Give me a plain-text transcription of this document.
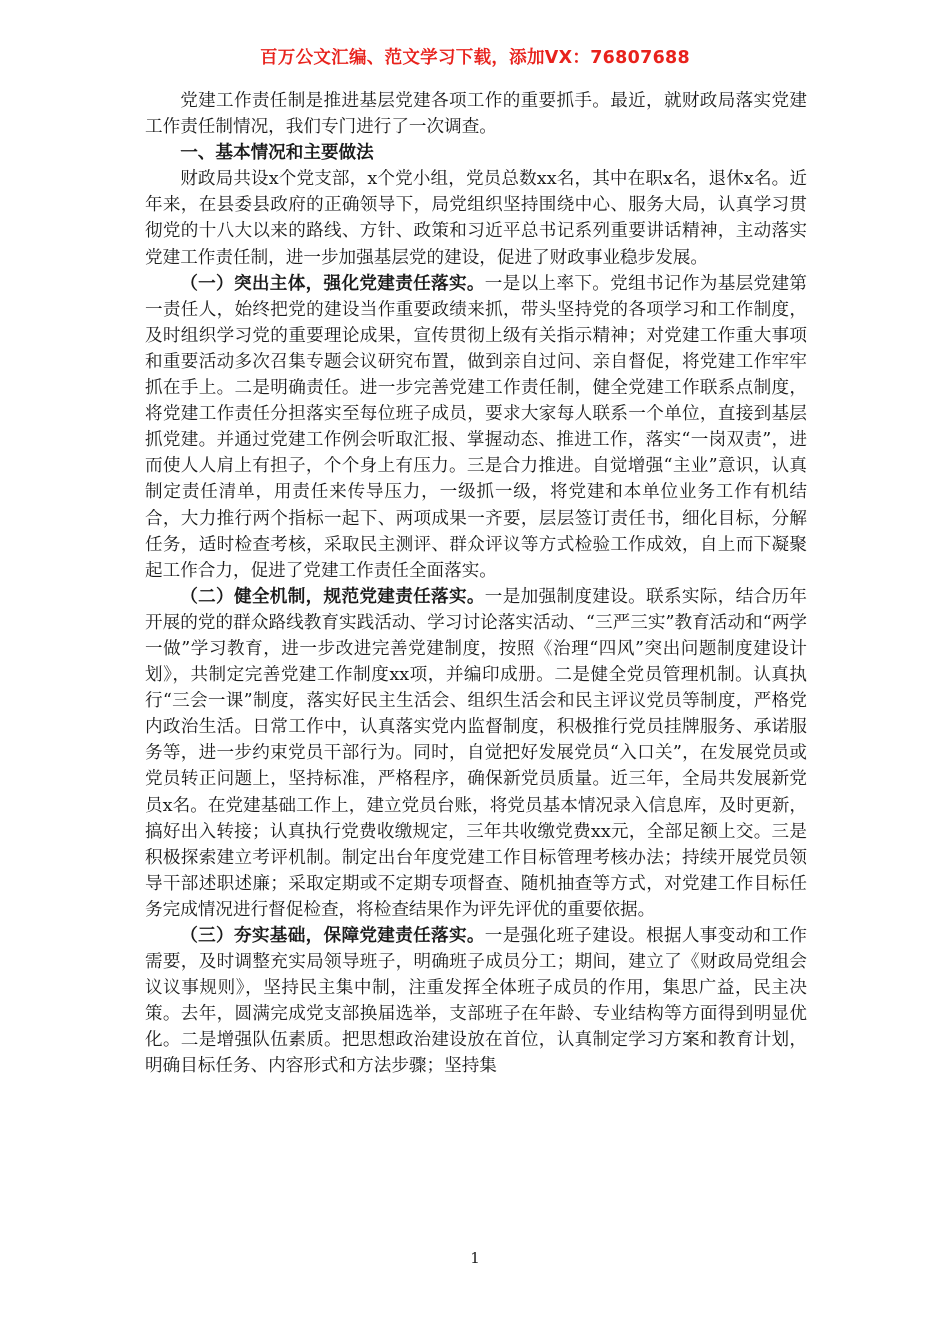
百万公文汇编、范文学习下载，添加VX：76807688

党建工作责任制是推进基层党建各项工作的重要抓手。最近，就财政局落实党建工作责任制情况，我们专门进行了一次调查。

一、基本情况和主要做法

财政局共设x个党支部，x个党小组，党员总数xx名，其中在职x名，退休x名。近年来，在县委县政府的正确领导下，局党组织坚持围绕中心、服务大局，认真学习贯彻党的十八大以来的路线、方针、政策和习近平总书记系列重要讲话精神，主动落实党建工作责任制，进一步加强基层党的建设，促进了财政事业稳步发展。

（一）突出主体，强化党建责任落实。一是以上率下。党组书记作为基层党建第一责任人，始终把党的建设当作重要政绩来抓，带头坚持党的各项学习和工作制度，及时组织学习党的重要理论成果，宣传贯彻上级有关指示精神；对党建工作重大事项和重要活动多次召集专题会议研究布置，做到亲自过问、亲自督促，将党建工作牢牢抓在手上。二是明确责任。进一步完善党建工作责任制，健全党建工作联系点制度，将党建工作责任分担落实至每位班子成员，要求大家每人联系一个单位，直接到基层抓党建。并通过党建工作例会听取汇报、掌握动态、推进工作，落实“一岗双责”，进而使人人肩上有担子，个个身上有压力。三是合力推进。自觉增强“主业”意识，认真制定责任清单，用责任来传导压力，一级抓一级，将党建和本单位业务工作有机结合，大力推行两个指标一起下、两项成果一齐要，层层签订责任书，细化目标，分解任务，适时检查考核，采取民主测评、群众评议等方式检验工作成效，自上而下凝聚起工作合力，促进了党建工作责任全面落实。

（二）健全机制，规范党建责任落实。一是加强制度建设。联系实际，结合历年开展的党的群众路线教育实践活动、学习讨论落实活动、“三严三实”教育活动和“两学一做”学习教育，进一步改进完善党建制度，按照《治理“四风”突出问题制度建设计划》，共制定完善党建工作制度xx项，并编印成册。二是健全党员管理机制。认真执行“三会一课”制度，落实好民主生活会、组织生活会和民主评议党员等制度，严格党内政治生活。日常工作中，认真落实党内监督制度，积极推行党员挂牌服务、承诺服务等，进一步约束党员干部行为。同时，自觉把好发展党员“入口关”，在发展党员或党员转正问题上，坚持标准，严格程序，确保新党员质量。近三年，全局共发展新党员x名。在党建基础工作上，建立党员台账，将党员基本情况录入信息库，及时更新，搞好出入转接；认真执行党费收缴规定，三年共收缴党费xx元，全部足额上交。三是积极探索建立考评机制。制定出台年度党建工作目标管理考核办法；持续开展党员领导干部述职述廉；采取定期或不定期专项督查、随机抽查等方式，对党建工作目标任务完成情况进行督促检查，将检查结果作为评先评优的重要依据。

（三）夯实基础，保障党建责任落实。一是强化班子建设。根据人事变动和工作需要，及时调整充实局领导班子，明确班子成员分工；期间，建立了《财政局党组会议议事规则》，坚持民主集中制，注重发挥全体班子成员的作用，集思广益，民主决策。去年，圆满完成党支部换届选举，支部班子在年龄、专业结构等方面得到明显优化。二是增强队伍素质。把思想政治建设放在首位，认真制定学习方案和教育计划，明确目标任务、内容形式和方法步骤；坚持集

1
